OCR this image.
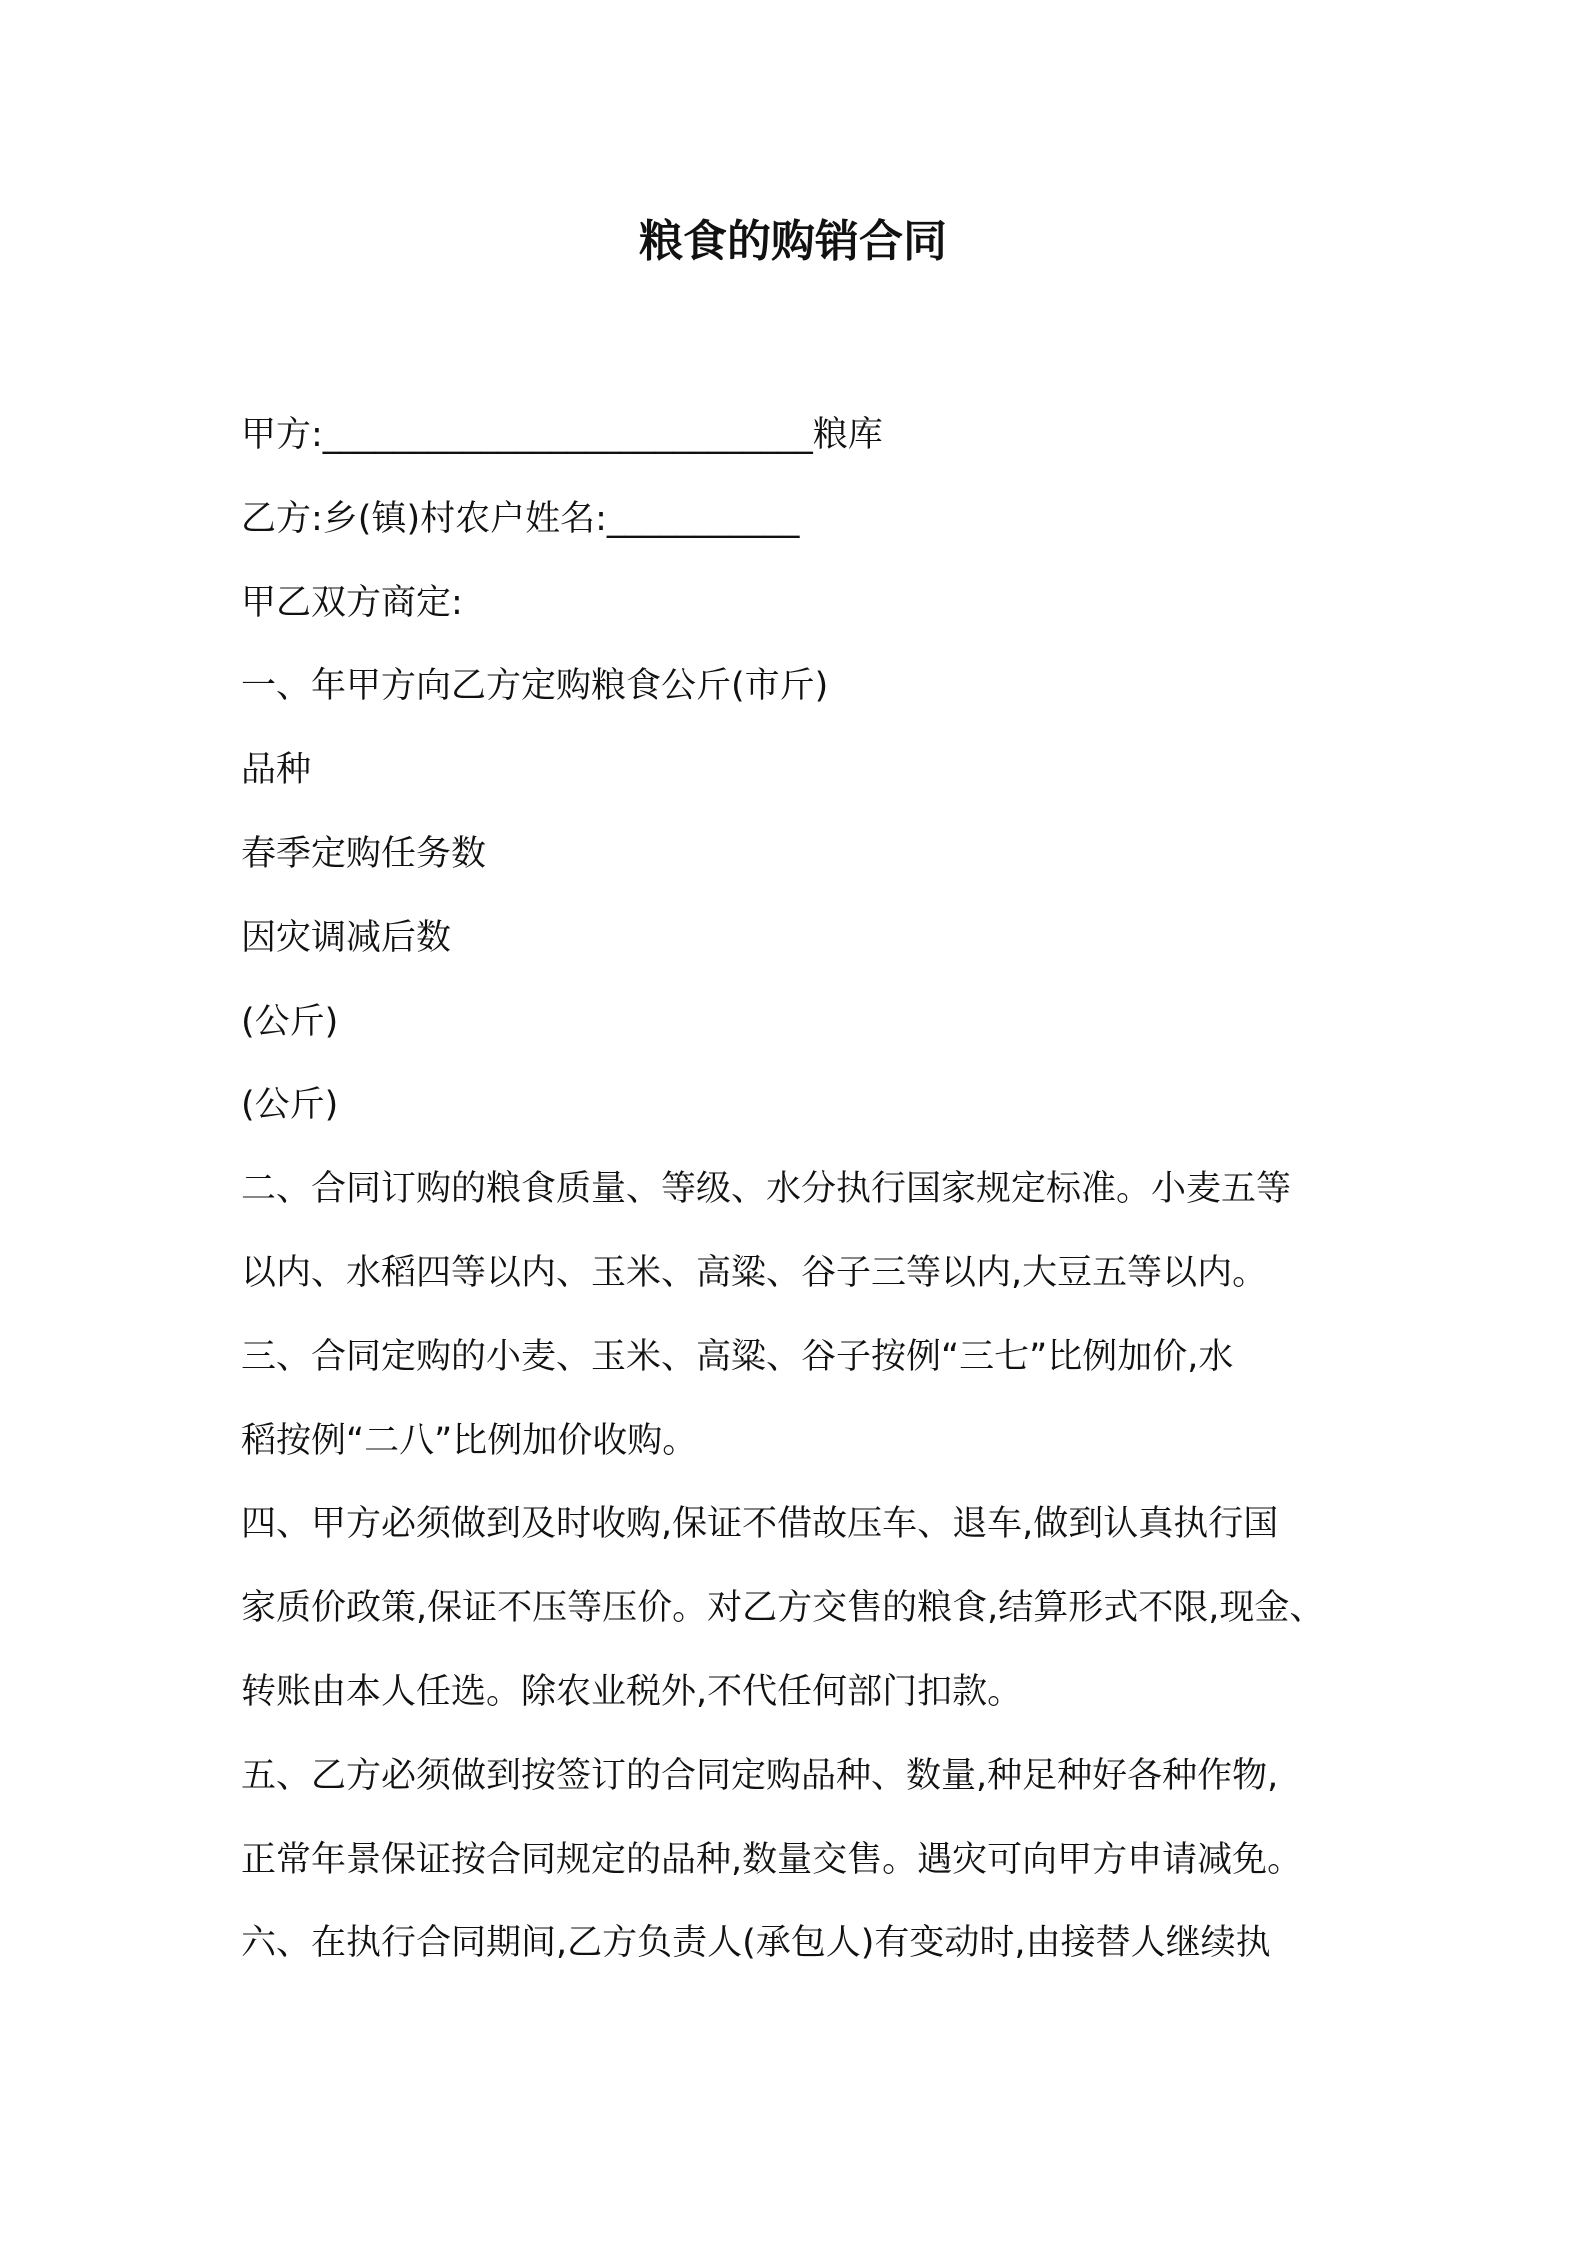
粮食的购销合同
甲方:____________________________粮库
乙方:乡(镇)村农户姓名:___________
甲乙双方商定:
一、年甲方向乙方定购粮食公斤(市斤)
品种
春季定购任务数
因灾调减后数
(公斤)
(公斤)
二、合同订购的粮食质量、等级、水分执行国家规定标准。小麦五等
以内、水稻四等以内、玉米、高粱、谷子三等以内,大豆五等以内。
三、合同定购的小麦、玉米、高粱、谷子按例“三七”比例加价,水
稻按例“二八”比例加价收购。
四、甲方必须做到及时收购,保证不借故压车、退车,做到认真执行国
家质价政策,保证不压等压价。对乙方交售的粮食,结算形式不限,现金、
转账由本人任选。除农业税外,不代任何部门扣款。
五、乙方必须做到按签订的合同定购品种、数量,种足种好各种作物,
正常年景保证按合同规定的品种,数量交售。遇灾可向甲方申请减免。
六、在执行合同期间,乙方负责人(承包人)有变动时,由接替人继续执
